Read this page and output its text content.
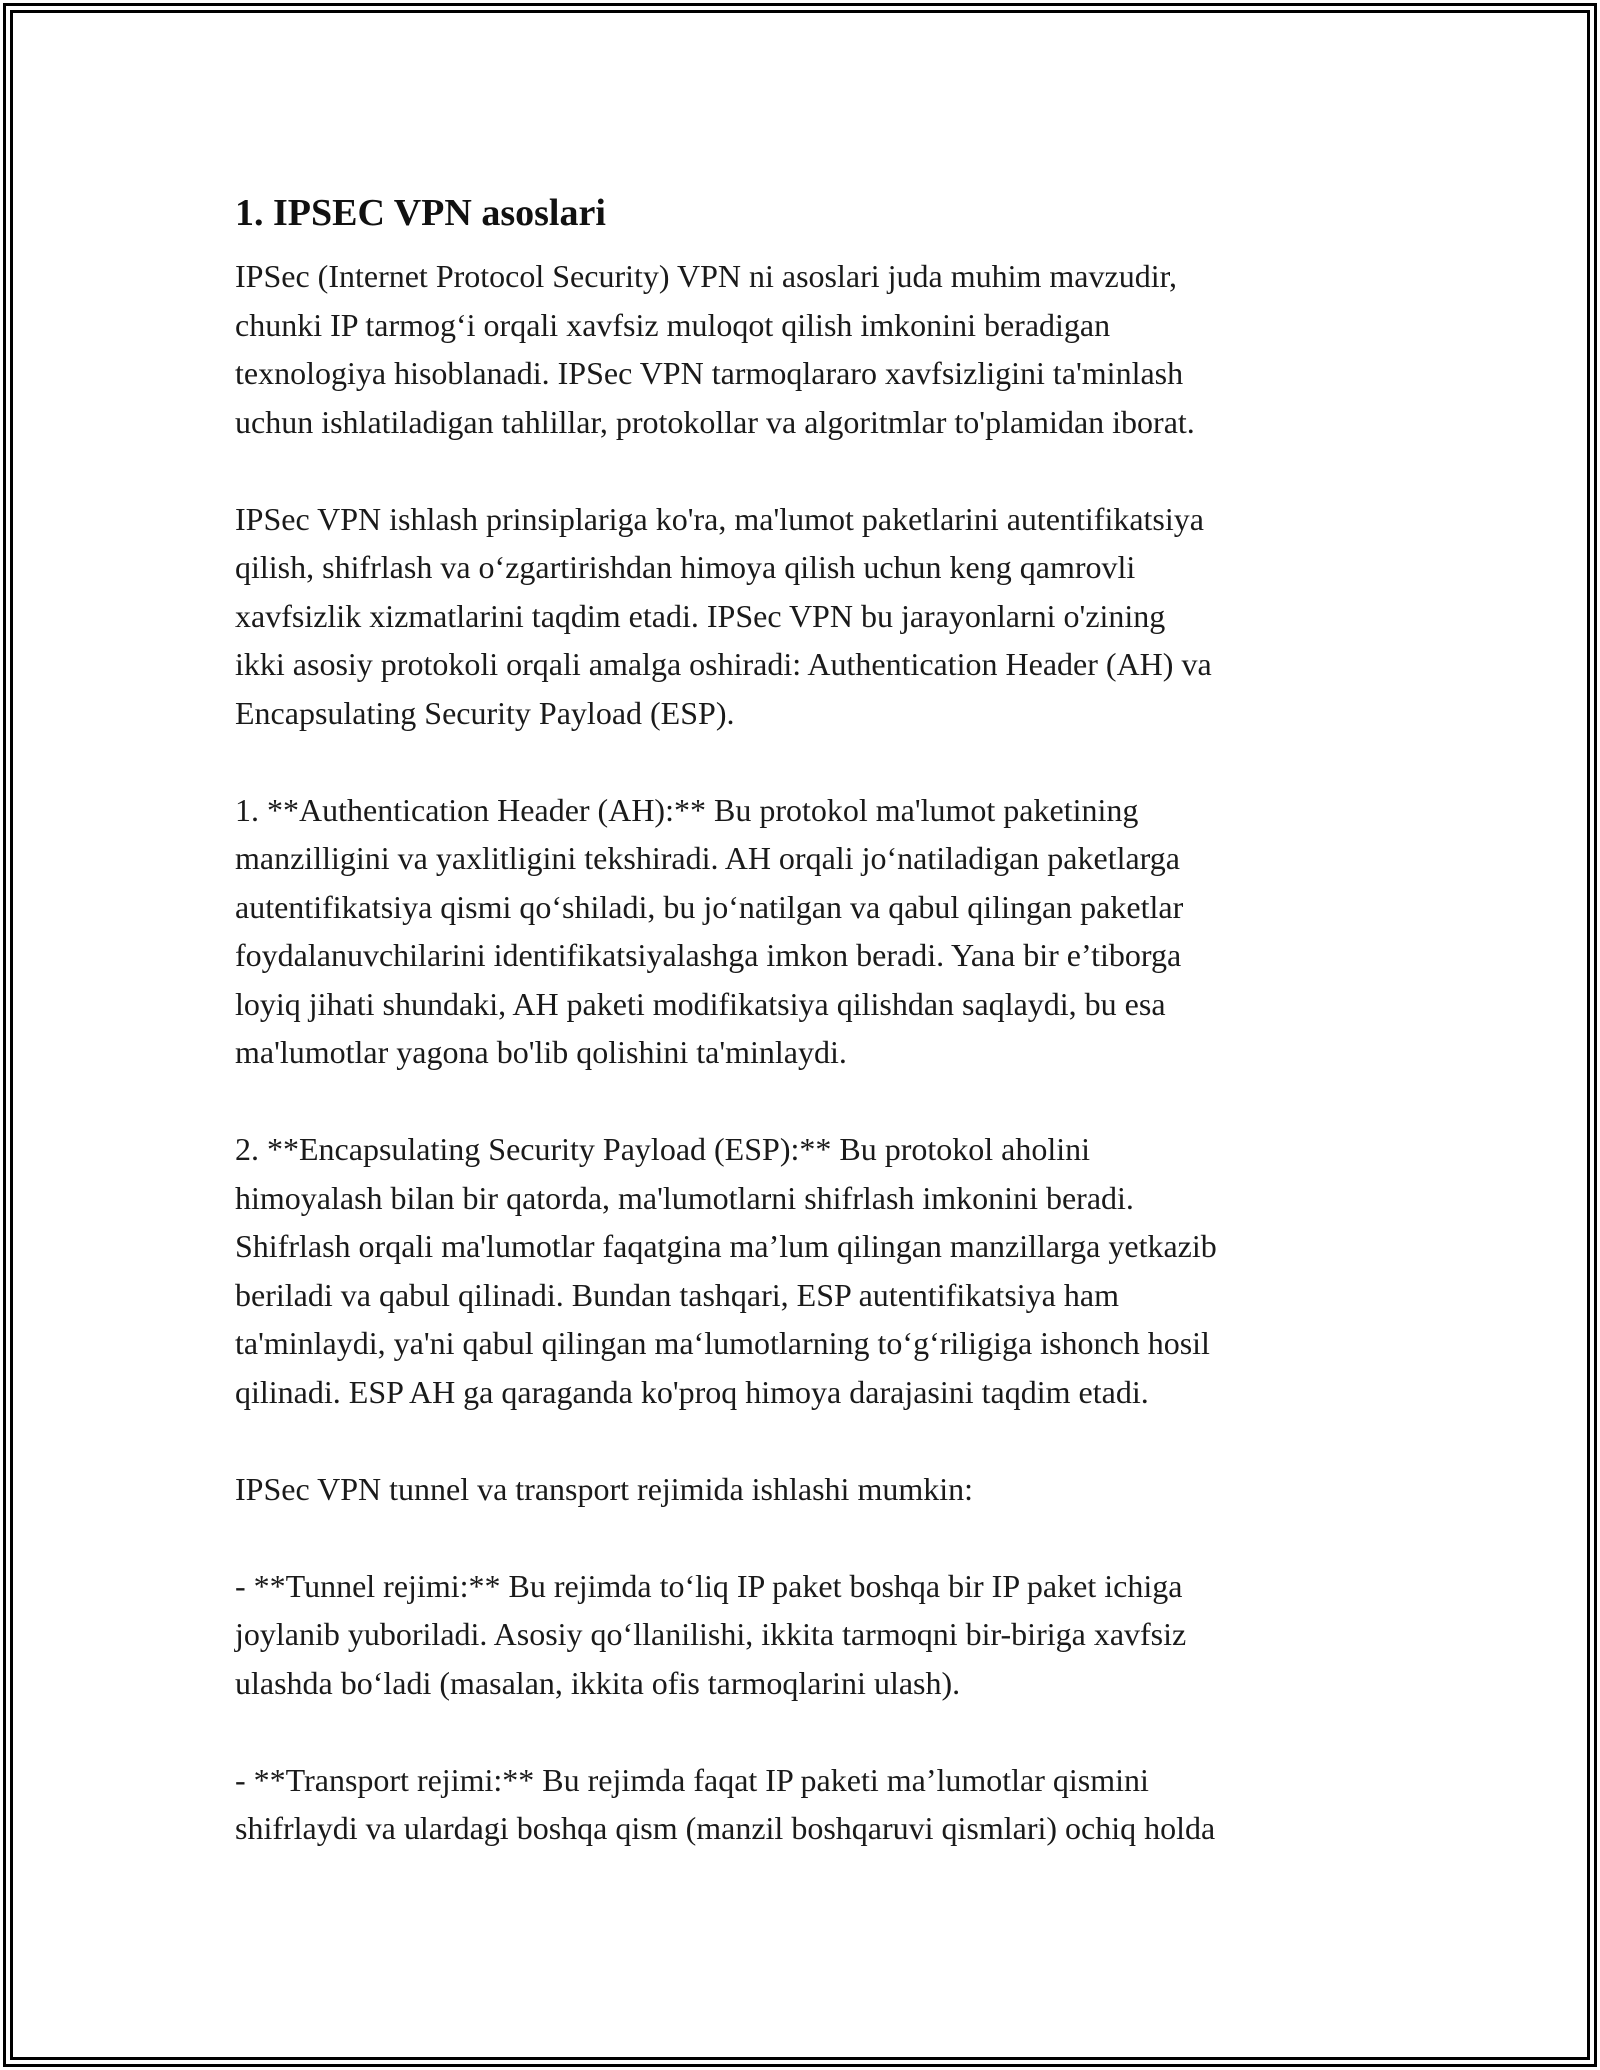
1. IPSEC VPN asoslari

IPSec (Internet Protocol Security) VPN ni asoslari juda muhim mavzudir,
chunki IP tarmog‘i orqali xavfsiz muloqot qilish imkonini beradigan
texnologiya hisoblanadi. IPSec VPN tarmoqlararo xavfsizligini ta'minlash
uchun ishlatiladigan tahlillar, protokollar va algoritmlar to'plamidan iborat.

IPSec VPN ishlash prinsiplariga ko'ra, ma'lumot paketlarini autentifikatsiya
qilish, shifrlash va o‘zgartirishdan himoya qilish uchun keng qamrovli
xavfsizlik xizmatlarini taqdim etadi. IPSec VPN bu jarayonlarni o'zining
ikki asosiy protokoli orqali amalga oshiradi: Authentication Header (AH) va
Encapsulating Security Payload (ESP).

1. **Authentication Header (AH):** Bu protokol ma'lumot paketining
manzilligini va yaxlitligini tekshiradi. AH orqali jo‘natiladigan paketlarga
autentifikatsiya qismi qo‘shiladi, bu jo‘natilgan va qabul qilingan paketlar
foydalanuvchilarini identifikatsiyalashga imkon beradi. Yana bir e’tiborga
loyiq jihati shundaki, AH paketi modifikatsiya qilishdan saqlaydi, bu esa
ma'lumotlar yagona bo'lib qolishini ta'minlaydi.

2. **Encapsulating Security Payload (ESP):** Bu protokol aholini
himoyalash bilan bir qatorda, ma'lumotlarni shifrlash imkonini beradi.
Shifrlash orqali ma'lumotlar faqatgina ma’lum qilingan manzillarga yetkazib
beriladi va qabul qilinadi. Bundan tashqari, ESP autentifikatsiya ham
ta'minlaydi, ya'ni qabul qilingan ma‘lumotlarning to‘g‘riligiga ishonch hosil
qilinadi. ESP AH ga qaraganda ko'proq himoya darajasini taqdim etadi.

IPSec VPN tunnel va transport rejimida ishlashi mumkin:

- **Tunnel rejimi:** Bu rejimda to‘liq IP paket boshqa bir IP paket ichiga
joylanib yuboriladi. Asosiy qo‘llanilishi, ikkita tarmoqni bir-biriga xavfsiz
ulashda bo‘ladi (masalan, ikkita ofis tarmoqlarini ulash).

- **Transport rejimi:** Bu rejimda faqat IP paketi ma’lumotlar qismini
shifrlaydi va ulardagi boshqa qism (manzil boshqaruvi qismlari) ochiq holda
